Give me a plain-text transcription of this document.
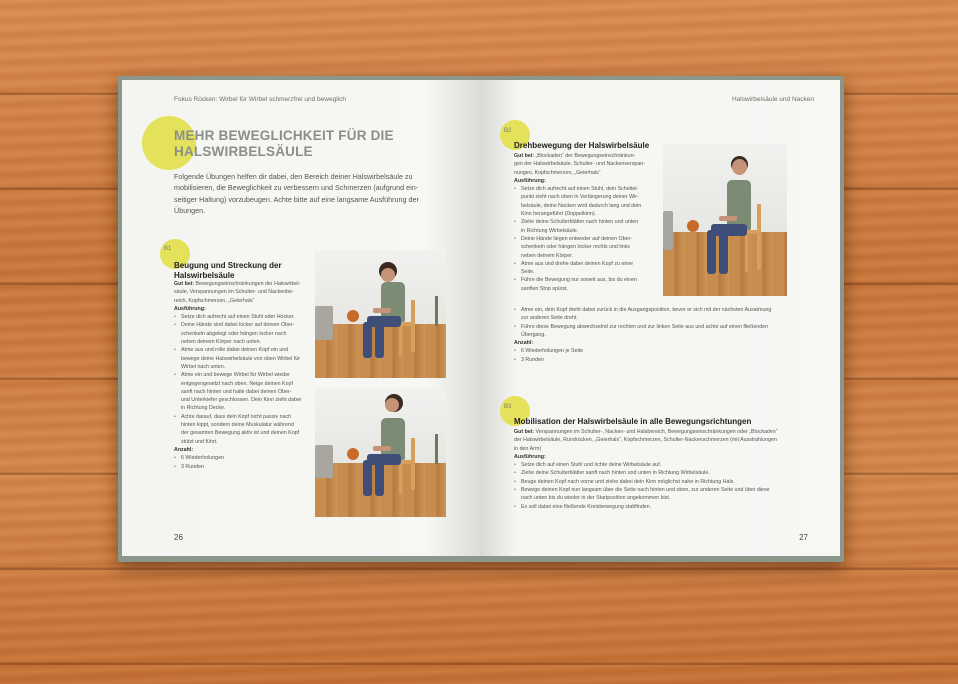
Fokus Rücken: Wirbel für Wirbel schmerzfrei und beweglich
MEHR BEWEGLICHKEIT FÜR DIE
HALSWIRBELSÄULE
Folgende Übungen helfen dir dabei, den Bereich deiner Halswirbelsäule zu
mobilisieren, die Beweglichkeit zu verbessern und Schmerzen (aufgrund ein-
seitiger Haltung) vorzubeugen. Achte bitte auf eine langsame Ausführung der
Übungen.
B1
Beugung und Streckung der
Halswirbelsäule
Gut bei: Bewegungseinschränkungen der Halswirbel-
säule, Verspannungen im Schulter- und Nackenbe-
reich, Kopfschmerzen, „Geierhals“
Ausführung:
• Setze dich aufrecht auf einen Stuhl oder Hocker.
• Deine Hände sind dabei locker auf deinen Ober-
schenkeln abgelegt oder hängen locker nach
neben deinem Körper nach unten.
• Atme aus und rolle dabei deinen Kopf ein und
bewege deine Halswirbelsäule von oben Wirbel für
Wirbel nach unten.
• Atme ein und bewege Wirbel für Wirbel wieder
entgegengesetzt nach oben. Neige deinen Kopf
sanft nach hinten und halte dabei deinen Ober-
und Unterkiefer geschlossen. Dein Kinn zieht dabei
in Richtung Decke.
• Achte darauf, dass dein Kopf nicht passiv nach
hinten kippt, sondern deine Muskulatur während
der gesamten Bewegung aktiv ist und deinen Kopf
stützt und führt.
Anzahl:
• 6 Wiederholungen
• 3 Runden
26
Halswirbelsäule und Nacken
B2
Drehbewegung der Halswirbelsäule
Gut bei: „Blockaden“ der Bewegungseinschränkun-
gen der Halswirbelsäule, Schulter- und Nackenverspan-
nungen, Kopfschmerzen, „Geierhals“
Ausführung:
• Setze dich aufrecht auf einen Stuhl, dein Scheitel-
punkt zieht nach oben in Verlängerung deiner Wir-
belsäule, deine Nacken wird dadurch lang und dein
Kinn herangeführt (Doppelkinn).
• Ziehe deine Schulterblätter nach hinten und unten
in Richtung Wirbelsäule.
• Deine Hände liegen entweder auf deinen Ober-
schenkeln oder hängen locker rechts und links
neben deinem Körper.
• Atme aus und drehe dabei deinen Kopf zu einer
Seite.
• Führe die Bewegung nur soweit aus, bis du einen
sanften Stop spürst.
• Atme ein, dein Kopf dreht dabei zurück in die Ausgangsposition, bevor er sich mit der nächsten Ausatmung
zur anderen Seite dreht.
• Führe diese Bewegung abwechselnd zur rechten und zur linken Seite aus und achte auf einen fließenden
Übergang.
Anzahl:
• 6 Wiederholungen je Seite
• 3 Runden
B3
Mobilisation der Halswirbelsäule in alle Bewegungsrichtungen
Gut bei: Verspannungen im Schulter-, Nacken- und Halsbereich, Bewegungseinschränkungen oder „Blockaden“
der Halswirbelsäule, Rundrücken, „Geierhals“, Kopfschmerzen, Schulter-Nackenschmerzen (mit Ausstrahlungen
in den Arm)
Ausführung:
• Setze dich auf einen Stuhl und richte deine Wirbelsäule auf.
• Ziehe deine Schulterblätter sanft nach hinten und unten in Richtung Wirbelsäule.
• Beuge deinen Kopf nach vorne und ziehe dabei dein Kinn möglichst nahe in Richtung Hals.
• Bewege deinen Kopf nun langsam über die Seite nach hinten und oben, zur anderen Seite und über diese
nach unten bis du wieder in der Startposition angekommen bist.
• Es soll dabei eine fließende Kreisbewegung stattfinden.
27
